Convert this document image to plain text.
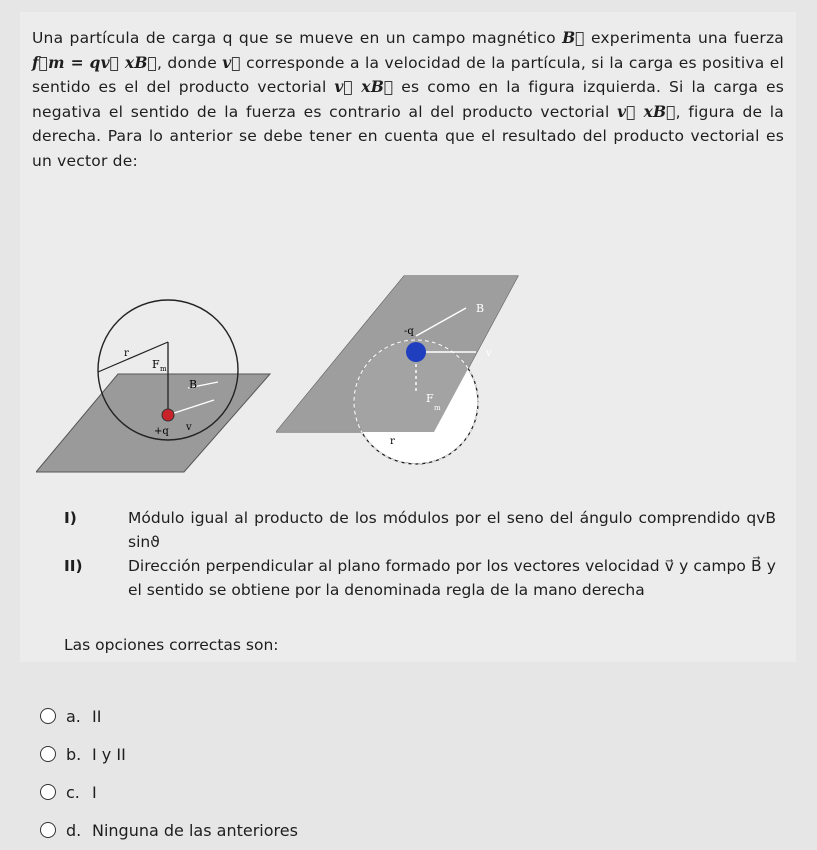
Una partícula de carga q que se mueve en un campo magnético B⃗ experimenta una fuerza f⃗m = qv⃗ xB⃗, donde v⃗ corresponde a la velocidad de la partícula, si la carga es positiva el sentido es el del producto vectorial v⃗ xB⃗ es como en la figura izquierda. Si la carga es negativa el sentido de la fuerza es contrario al del producto vectorial v⃗ xB⃗, figura de la derecha. Para lo anterior se debe tener en cuenta que el resultado del producto vectorial es un vector de:
r
F m
B
+q v
B
-q
v
F
m
r
I)	Módulo igual al producto de los módulos por el seno del ángulo comprendido qvB sinϑ
II)	Dirección perpendicular al plano formado por los vectores velocidad v⃗ y campo B⃗ y el sentido se obtiene por la denominada regla de la mano derecha
Las opciones correctas son:
a. II
b. I y II
c. I
d. Ninguna de las anteriores
